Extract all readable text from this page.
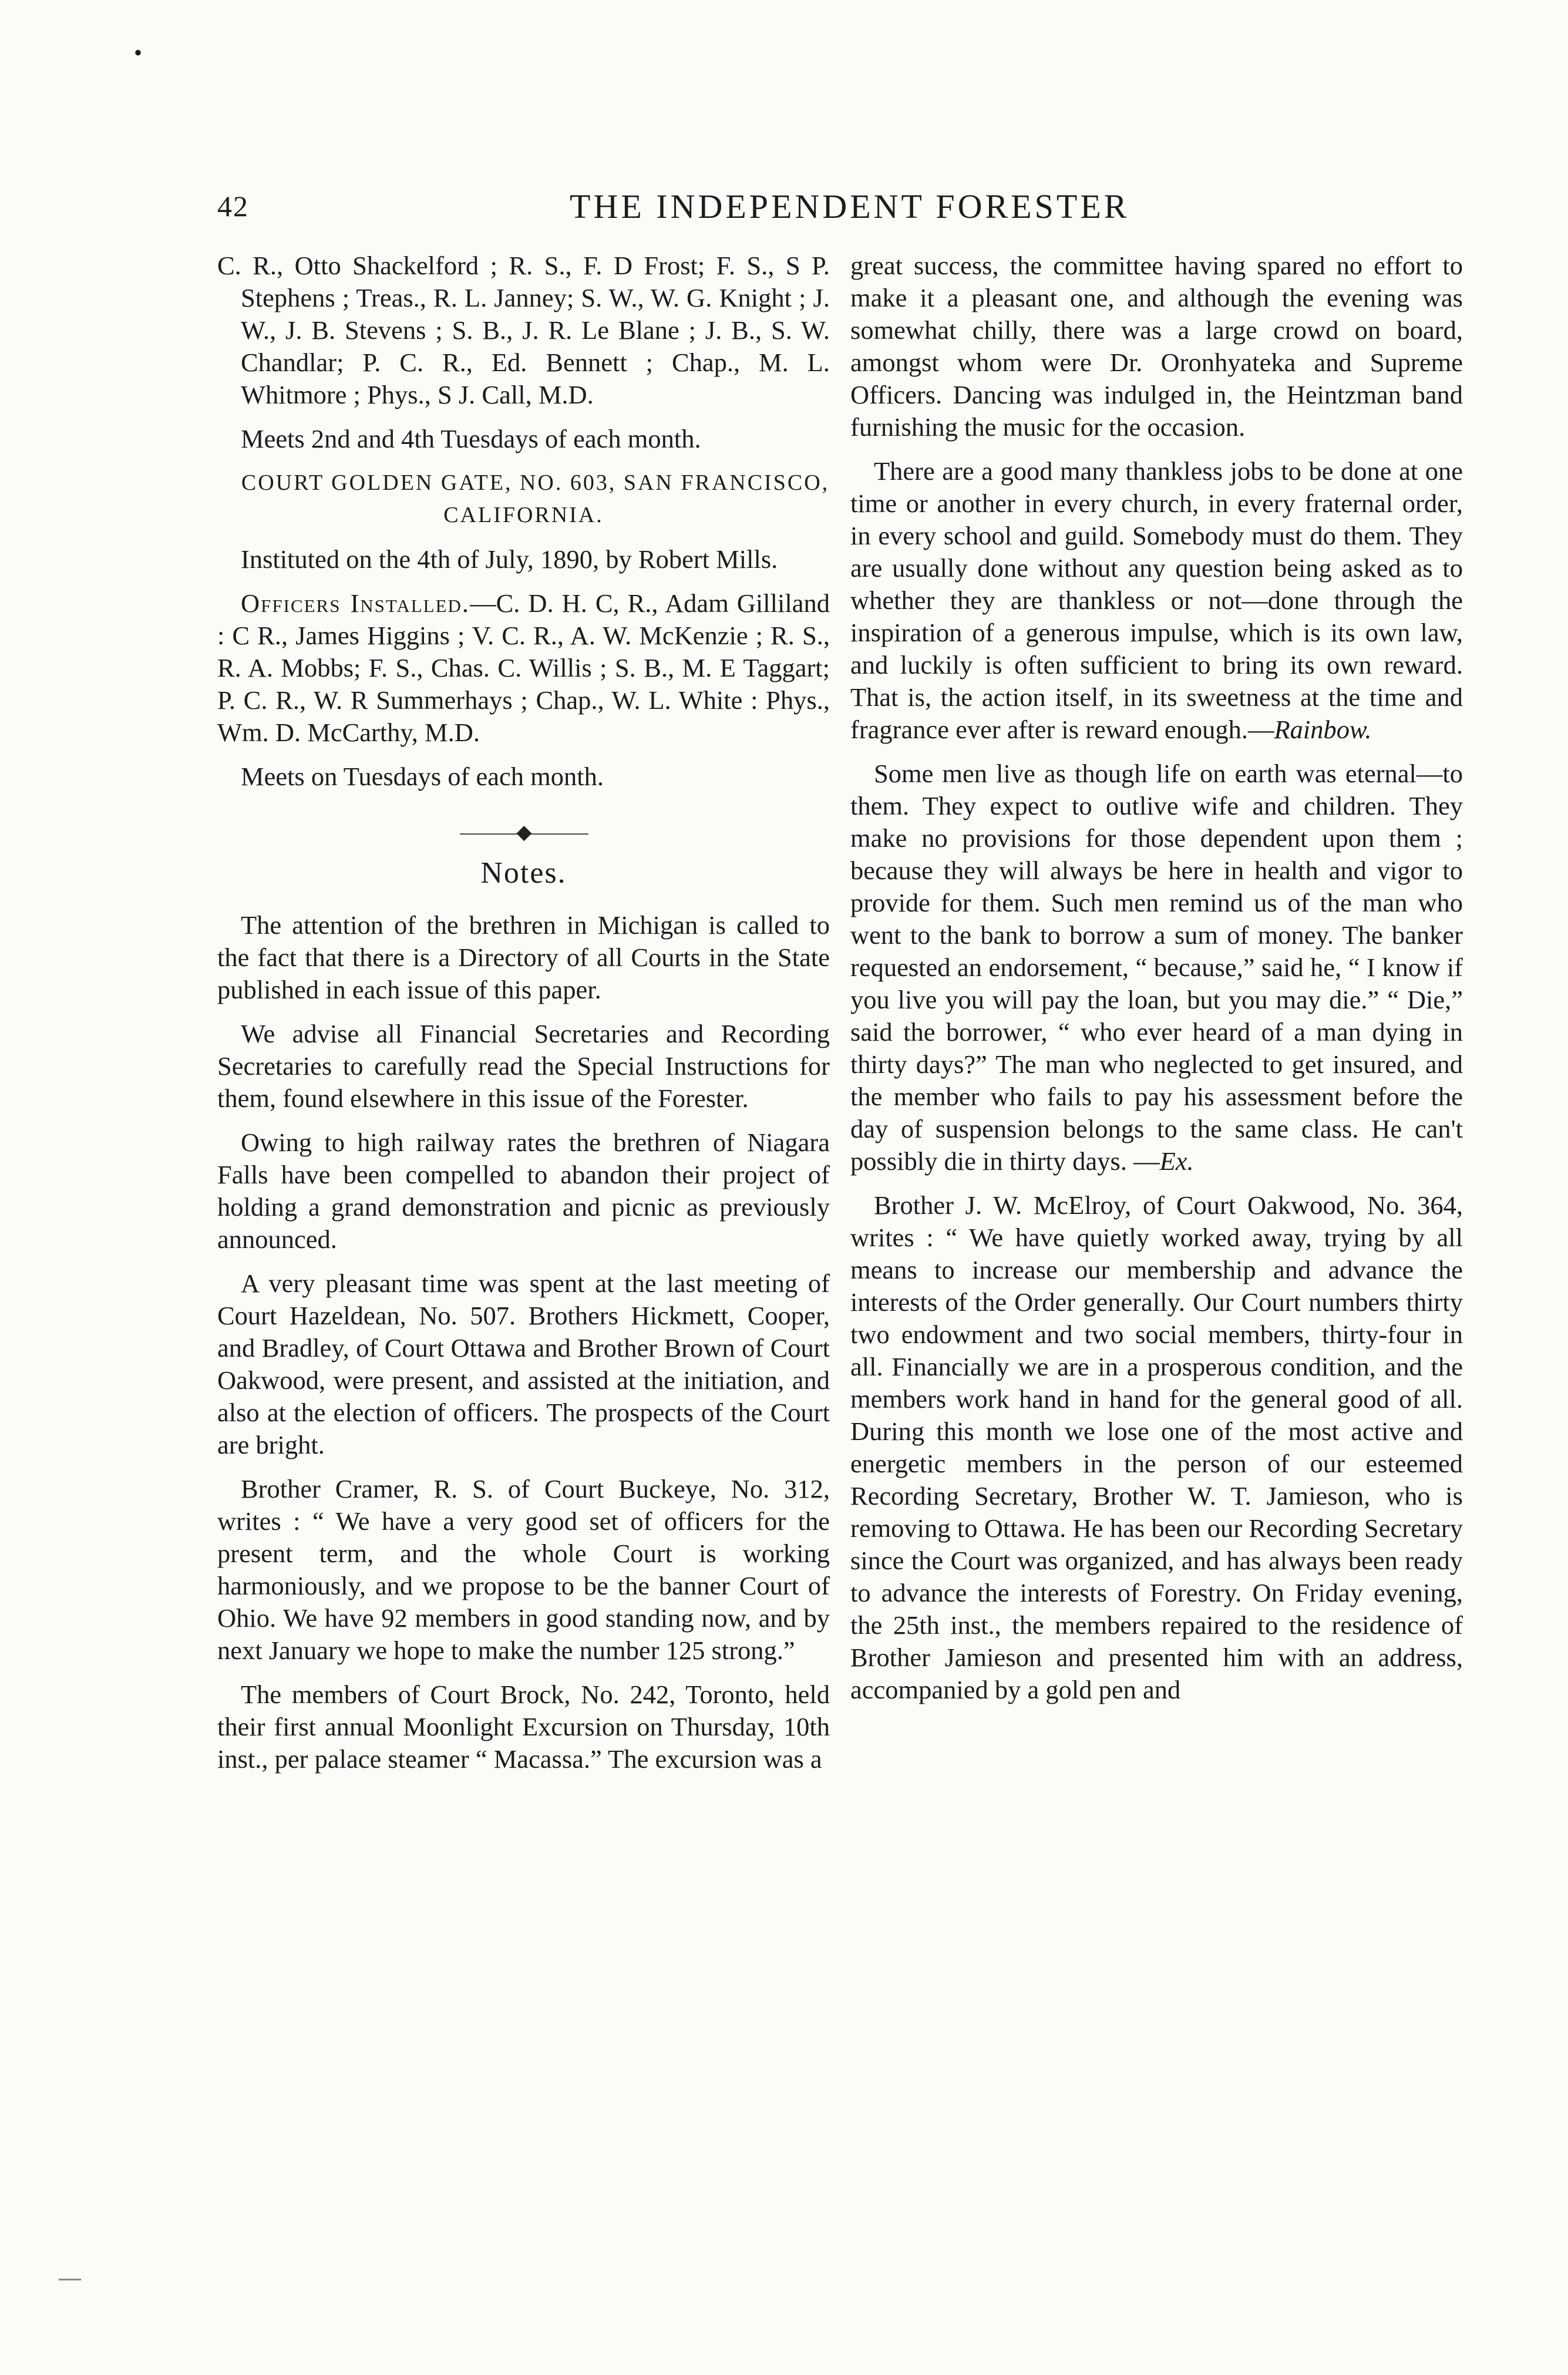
•
42	THE INDEPENDENT FORESTER

C. R., Otto Shackelford ; R. S., F. D Frost; F. S., S P. Stephens ; Treas., R. L. Janney; S. W., W. G. Knight ; J. W., J. B. Stevens ; S. B., J. R. Le Blane ; J. B., S. W. Chandlar; P. C. R., Ed. Bennett ; Chap., M. L. Whitmore ; Phys., S J. Call, M.D.

Meets 2nd and 4th Tuesdays of each month.

COURT GOLDEN GATE, NO. 603, SAN FRANCISCO, CALIFORNIA.

Instituted on the 4th of July, 1890, by Robert Mills.

Officers Installed.—C. D. H. C, R., Adam Gilliland : C R., James Higgins ; V. C. R., A. W. McKenzie ; R. S., R. A. Mobbs; F. S., Chas. C. Willis ; S. B., M. E Taggart; P. C. R., W. R Summerhays ; Chap., W. L. White : Phys., Wm. D. McCarthy, M.D.

Meets on Tuesdays of each month.

———◆———
Notes.

The attention of the brethren in Michigan is called to the fact that there is a Directory of all Courts in the State published in each issue of this paper.

We advise all Financial Secretaries and Recording Secretaries to carefully read the Special Instructions for them, found elsewhere in this issue of the Forester.

Owing to high railway rates the brethren of Niagara Falls have been compelled to abandon their project of holding a grand demonstration and picnic as previously announced.

A very pleasant time was spent at the last meeting of Court Hazeldean, No. 507. Brothers Hickmett, Cooper, and Bradley, of Court Ottawa and Brother Brown of Court Oakwood, were present, and assisted at the initiation, and also at the election of officers. The prospects of the Court are bright.

Brother Cramer, R. S. of Court Buckeye, No. 312, writes : “ We have a very good set of officers for the present term, and the whole Court is working harmoniously, and we propose to be the banner Court of Ohio. We have 92 members in good standing now, and by next January we hope to make the number 125 strong.”

The members of Court Brock, No. 242, Toronto, held their first annual Moonlight Excursion on Thursday, 10th inst., per palace steamer “ Macassa.” The excursion was a

great success, the committee having spared no effort to make it a pleasant one, and although the evening was somewhat chilly, there was a large crowd on board, amongst whom were Dr. Oronhyateka and Supreme Officers. Dancing was indulged in, the Heintzman band furnishing the music for the occasion.

There are a good many thankless jobs to be done at one time or another in every church, in every fraternal order, in every school and guild. Somebody must do them. They are usually done without any question being asked as to whether they are thankless or not—done through the inspiration of a generous impulse, which is its own law, and luckily is often sufficient to bring its own reward. That is, the action itself, in its sweetness at the time and fragrance ever after is reward enough.—Rainbow.

Some men live as though life on earth was eternal—to them. They expect to outlive wife and children. They make no provisions for those dependent upon them ; because they will always be here in health and vigor to provide for them. Such men remind us of the man who went to the bank to borrow a sum of money. The banker requested an endorsement, “ because,” said he, “ I know if you live you will pay the loan, but you may die.” “ Die,” said the borrower, “ who ever heard of a man dying in thirty days?” The man who neglected to get insured, and the member who fails to pay his assessment before the day of suspension belongs to the same class. He can't possibly die in thirty days. —Ex.

Brother J. W. McElroy, of Court Oakwood, No. 364, writes : “ We have quietly worked away, trying by all means to increase our membership and advance the interests of the Order generally. Our Court numbers thirty two endowment and two social members, thirty-four in all. Financially we are in a prosperous condition, and the members work hand in hand for the general good of all. During this month we lose one of the most active and energetic members in the person of our esteemed Recording Secretary, Brother W. T. Jamieson, who is removing to Ottawa. He has been our Recording Secretary since the Court was organized, and has always been ready to advance the interests of Forestry. On Friday evening, the 25th inst., the members repaired to the residence of Brother Jamieson and presented him with an address, accompanied by a gold pen and
